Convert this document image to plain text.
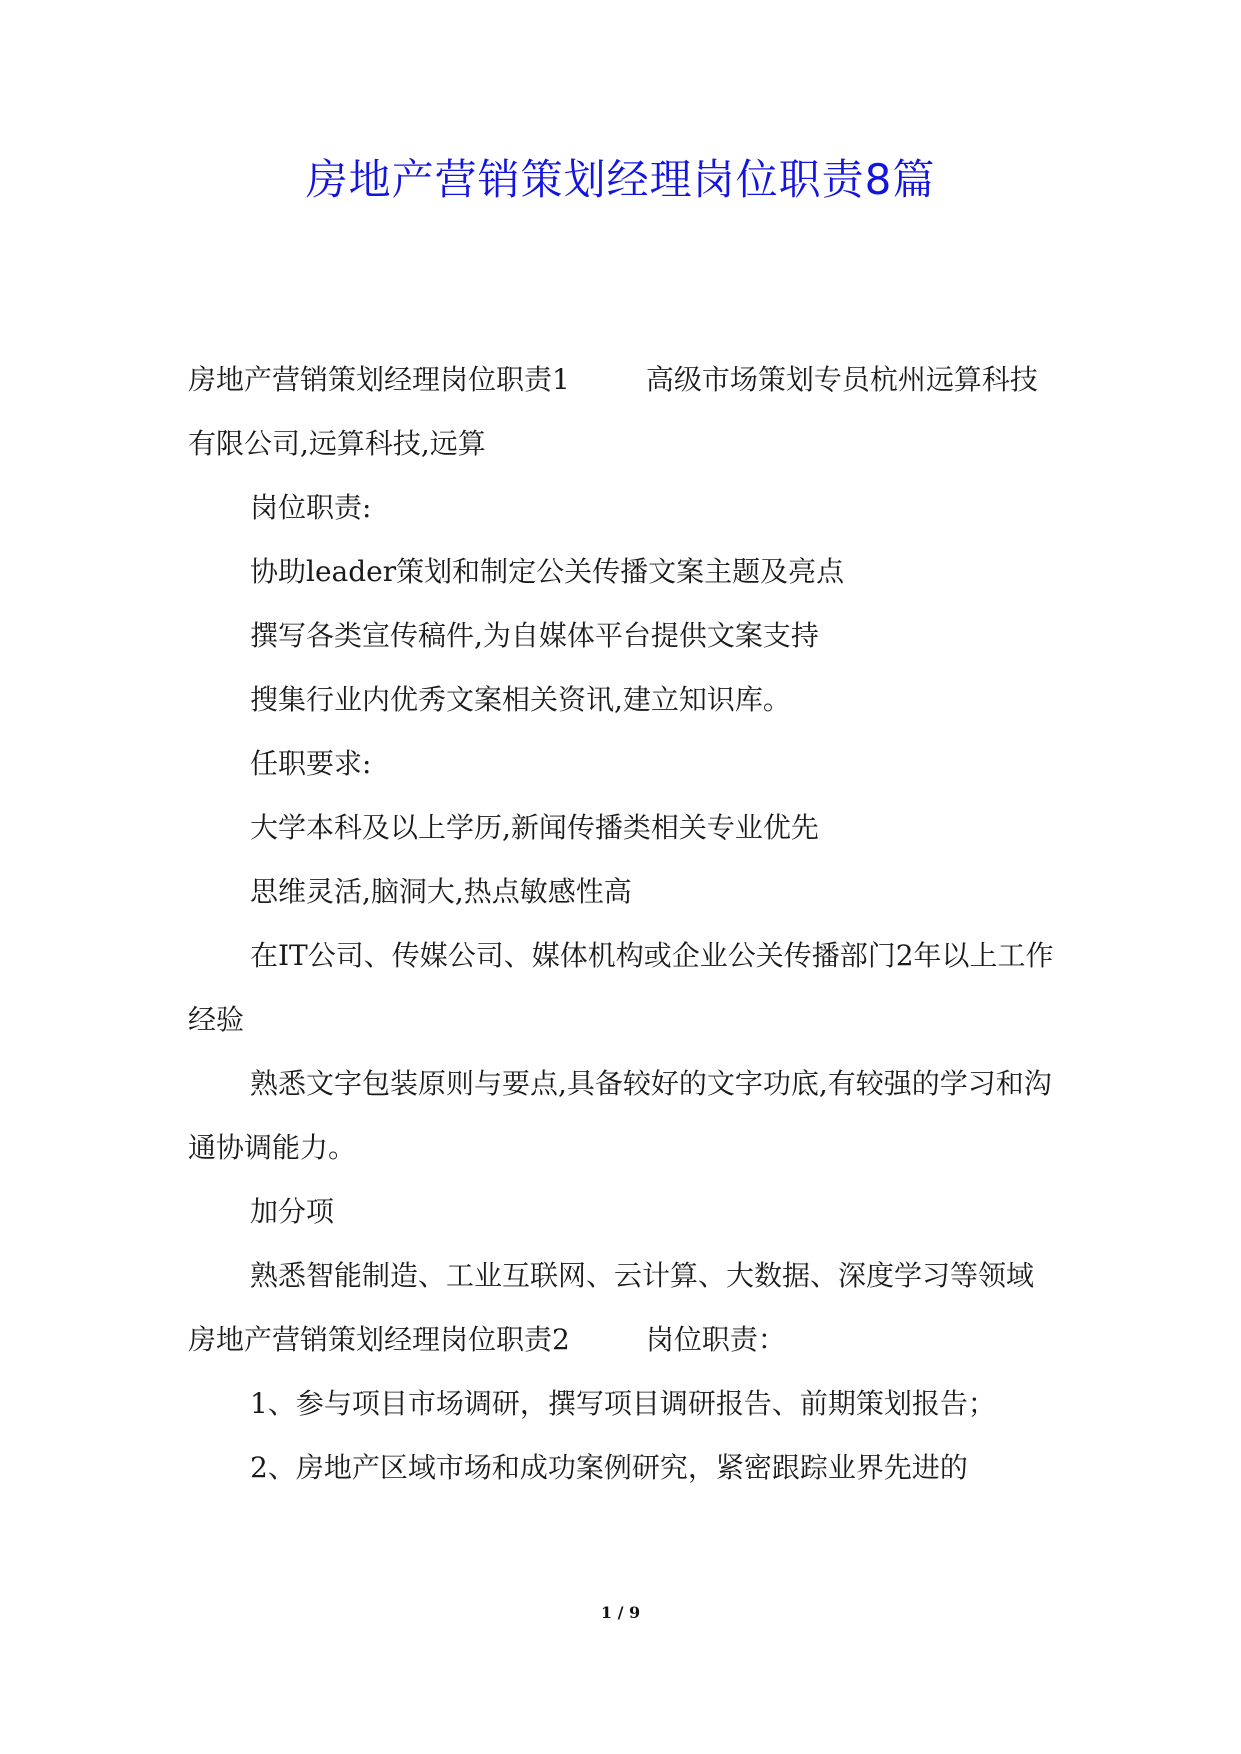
房地产营销策划经理岗位职责8篇

房地产营销策划经理岗位职责1	高级市场策划专员杭州远算科技有限公司,远算科技,远算

岗位职责:

协助leader策划和制定公关传播文案主题及亮点

撰写各类宣传稿件,为自媒体平台提供文案支持

搜集行业内优秀文案相关资讯,建立知识库。

任职要求:

大学本科及以上学历,新闻传播类相关专业优先

思维灵活,脑洞大,热点敏感性高

在IT公司、传媒公司、媒体机构或企业公关传播部门2年以上工作经验

熟悉文字包装原则与要点,具备较好的文字功底,有较强的学习和沟通协调能力。

加分项

熟悉智能制造、工业互联网、云计算、大数据、深度学习等领域

房地产营销策划经理岗位职责2	岗位职责：

1、参与项目市场调研，撰写项目调研报告、前期策划报告；

2、房地产区域市场和成功案例研究，紧密跟踪业界先进的

1 / 9
